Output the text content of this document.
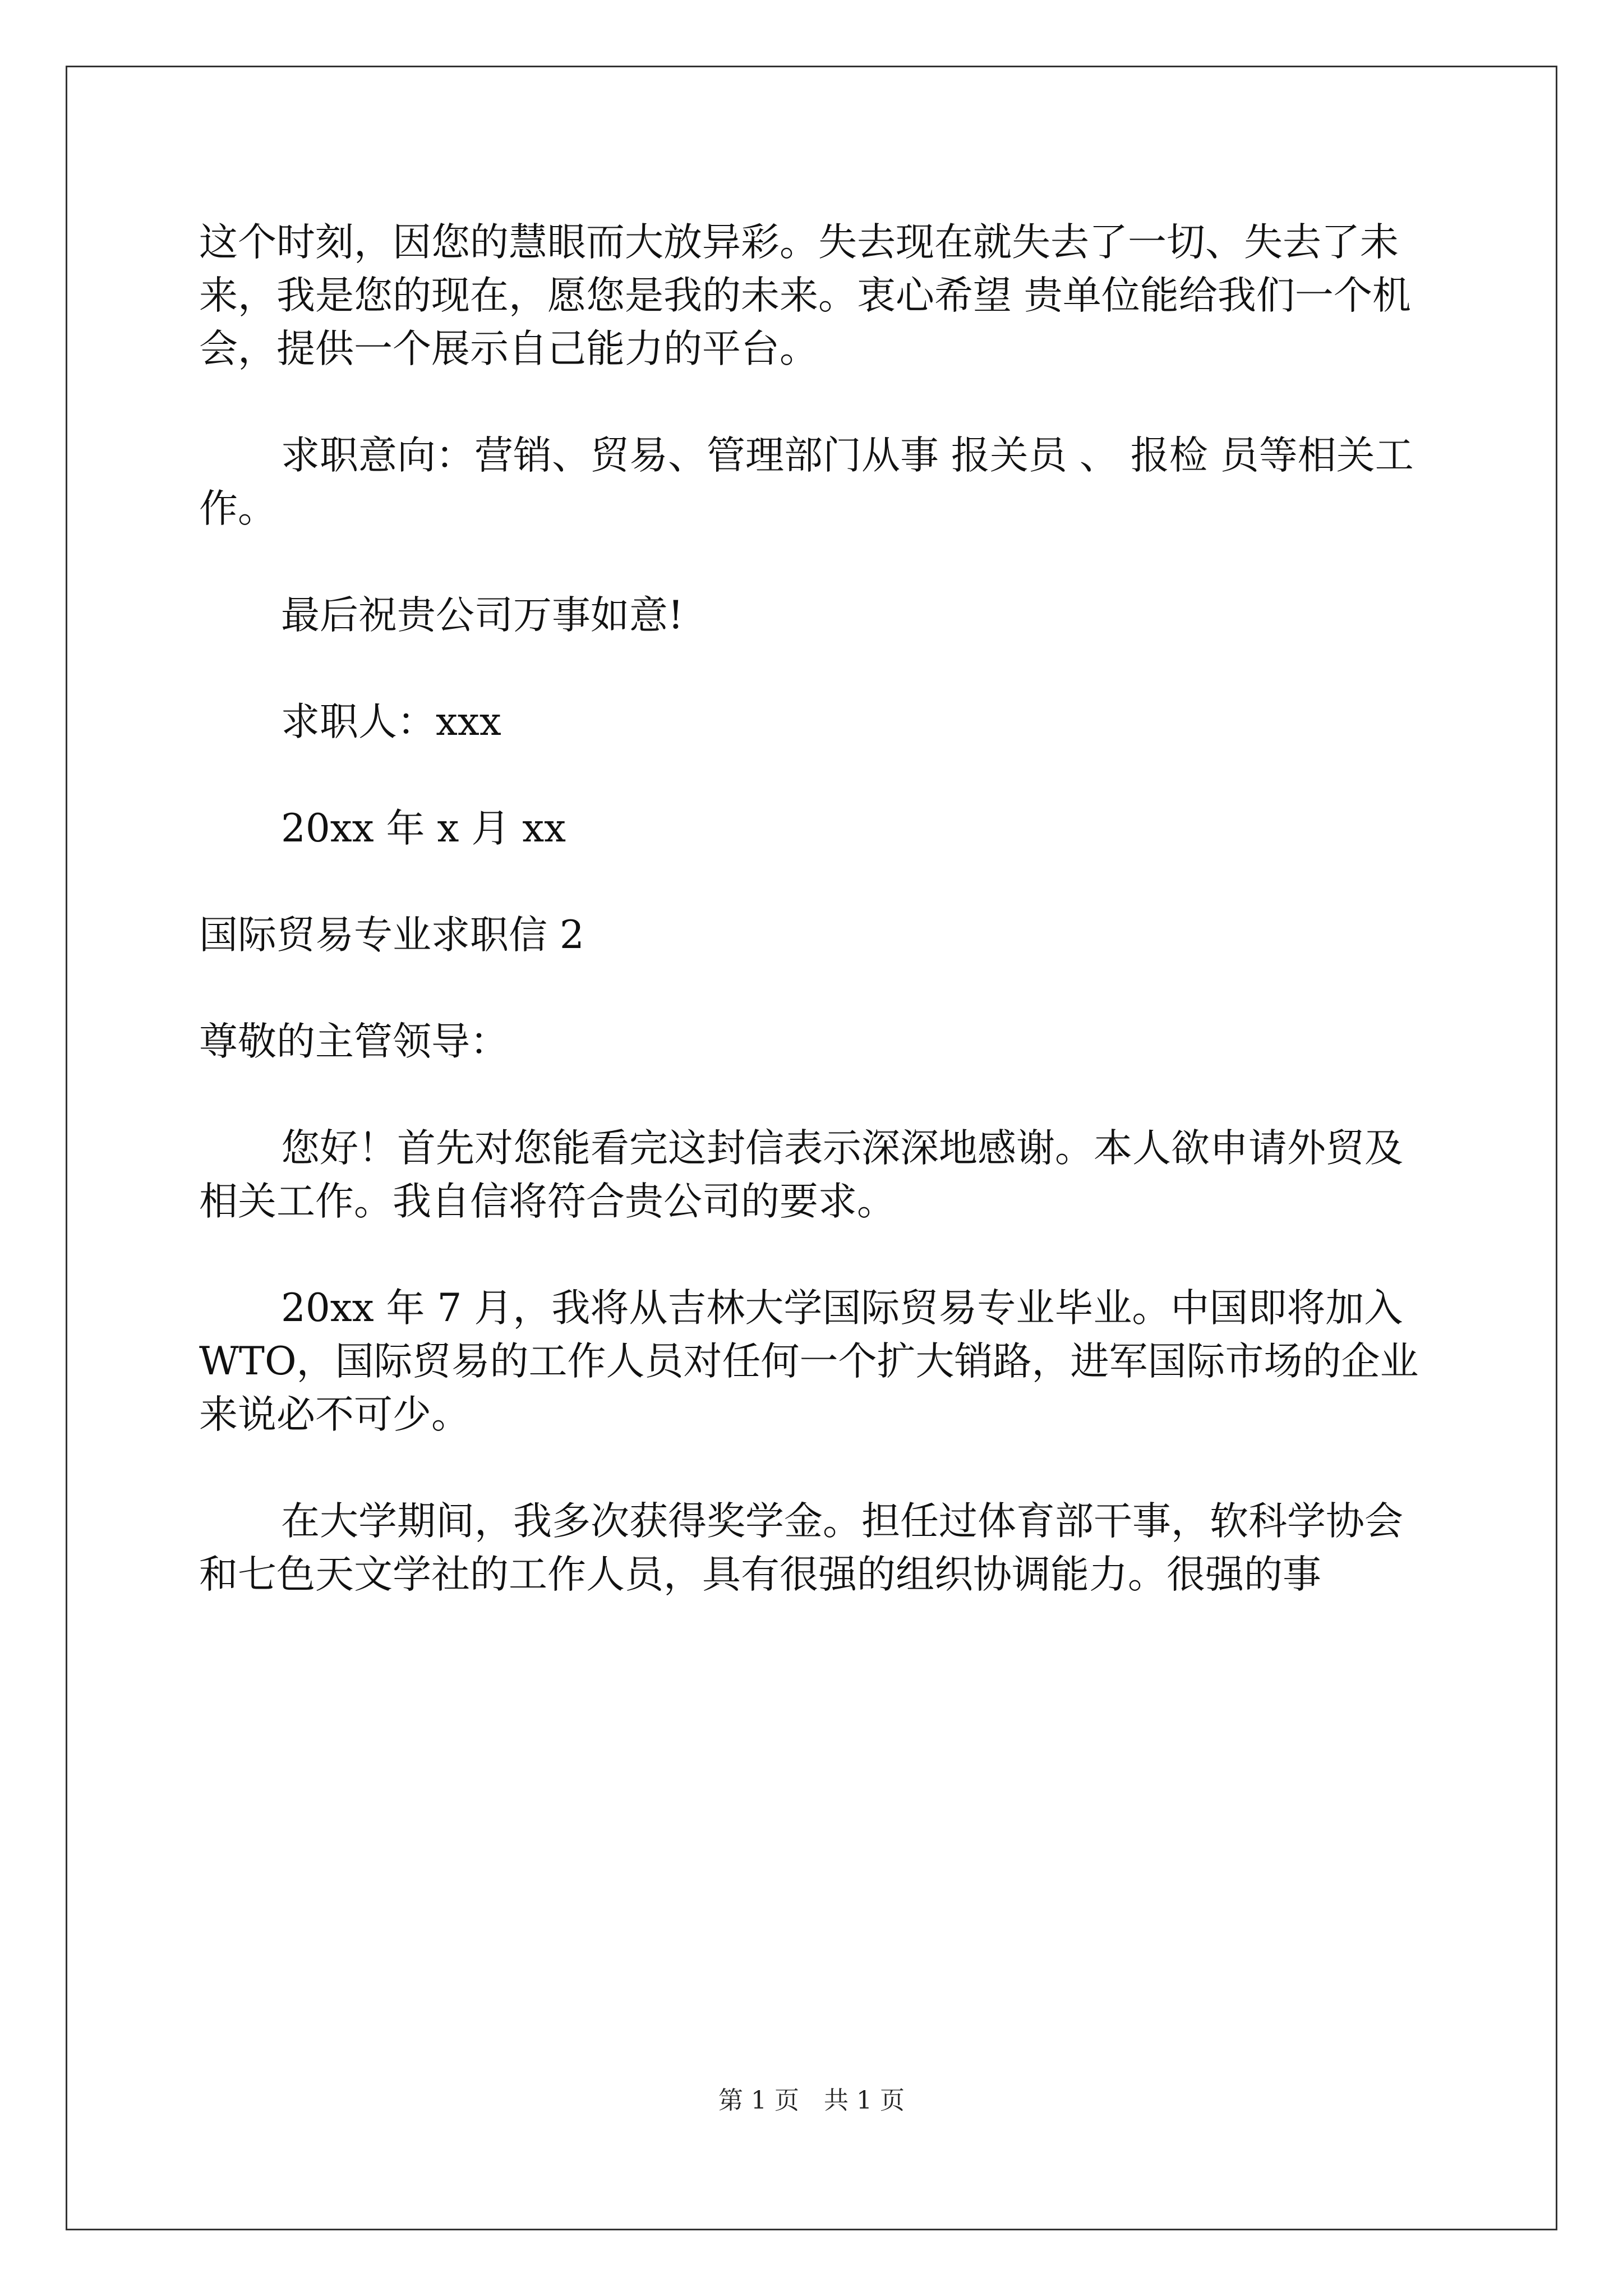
这个时刻，因您的慧眼而大放异彩。失去现在就失去了一切、失去了未来，我是您的现在，愿您是我的未来。衷心希望 贵单位能给我们一个机会，提供一个展示自己能力的平台。

求职意向：营销、贸易、管理部门从事 报关员 、 报检 员等相关工作。

最后祝贵公司万事如意!

求职人：xxx

20xx 年 x 月 xx

国际贸易专业求职信 2

尊敬的主管领导：

您好！首先对您能看完这封信表示深深地感谢。本人欲申请外贸及相关工作。我自信将符合贵公司的要求。

20xx 年 7 月，我将从吉林大学国际贸易专业毕业。中国即将加入 WTO，国际贸易的工作人员对任何一个扩大销路，进军国际市场的企业来说必不可少。

在大学期间，我多次获得奖学金。担任过体育部干事，软科学协会和七色天文学社的工作人员，具有很强的组织协调能力。很强的事

第 1 页 共 1 页
